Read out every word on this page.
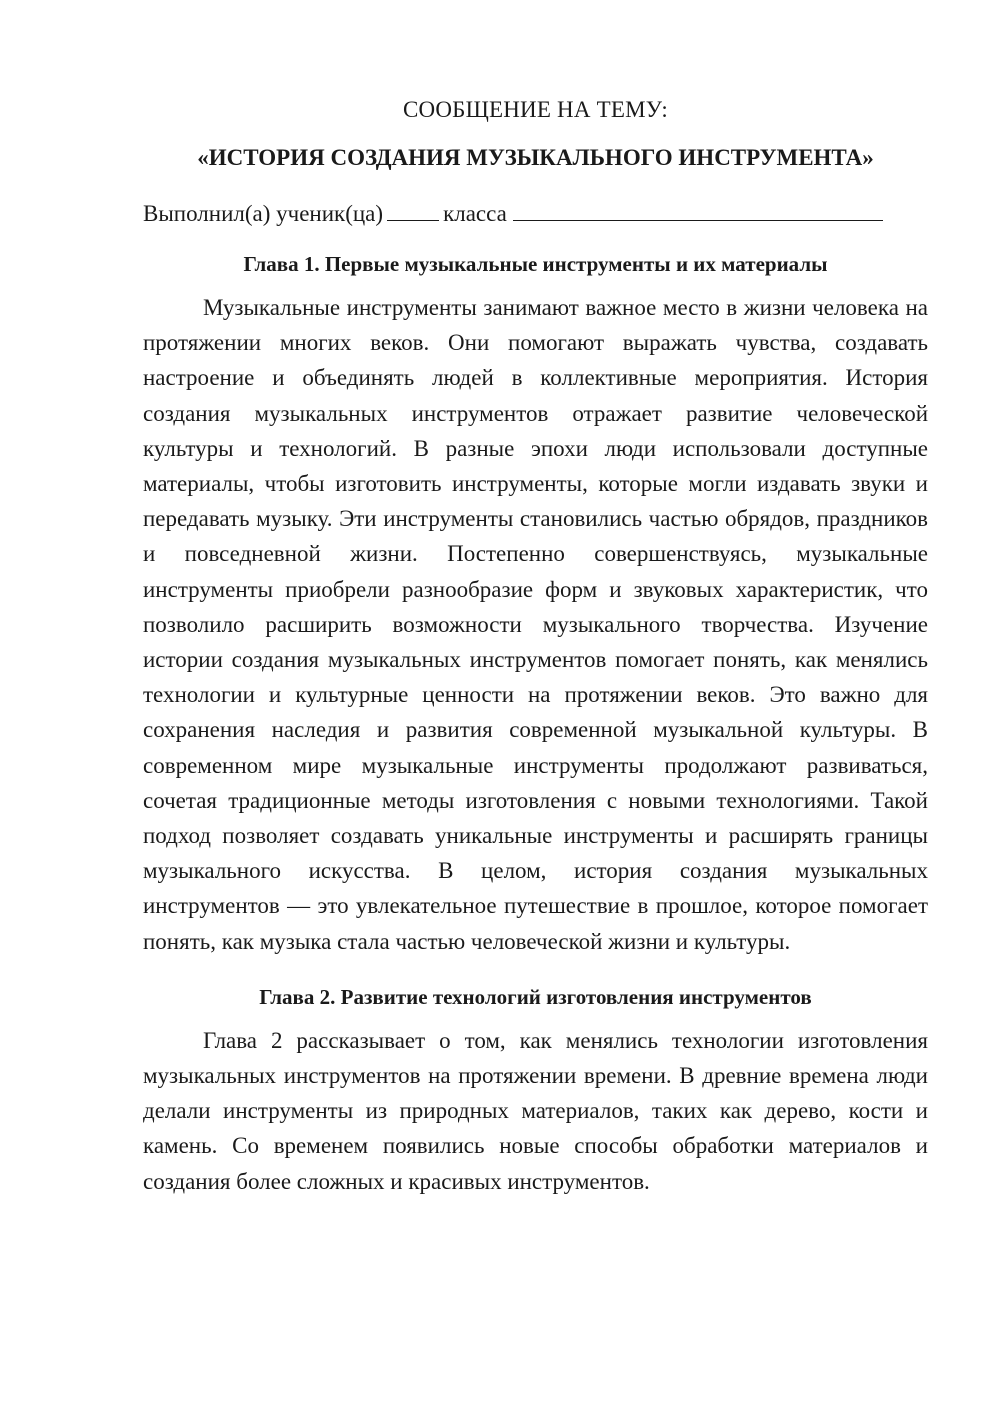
СООБЩЕНИЕ НА ТЕМУ:

«ИСТОРИЯ СОЗДАНИЯ МУЗЫКАЛЬНОГО ИНСТРУМЕНТА»

Выполнил(а) ученик(ца)	класса

Глава 1. Первые музыкальные инструменты и их материалы

Музыкальные инструменты занимают важное место в жизни человека на протяжении многих веков. Они помогают выражать чувства, создавать настроение и объединять людей в коллективные мероприятия. История создания музыкальных инструментов отражает развитие человеческой культуры и технологий. В разные эпохи люди использовали доступные материалы, чтобы изготовить инструменты, которые могли издавать звуки и передавать музыку. Эти инструменты становились частью обрядов, праздников и повседневной жизни. Постепенно совершенствуясь, музыкальные инструменты приобрели разнообразие форм и звуковых характеристик, что позволило расширить возможности музыкального творчества. Изучение истории создания музыкальных инструментов помогает понять, как менялись технологии и культурные ценности на протяжении веков. Это важно для сохранения наследия и развития современной музыкальной культуры. В современном мире музыкальные инструменты продолжают развиваться, сочетая традиционные методы изготовления с новыми технологиями. Такой подход позволяет создавать уникальные инструменты и расширять границы музыкального искусства. В целом, история создания музыкальных инструментов — это увлекательное путешествие в прошлое, которое помогает понять, как музыка стала частью человеческой жизни и культуры.

Глава 2. Развитие технологий изготовления инструментов

Глава 2 рассказывает о том, как менялись технологии изготовления музыкальных инструментов на протяжении времени. В древние времена люди делали инструменты из природных материалов, таких как дерево, кости и камень. Со временем появились новые способы обработки материалов и создания более сложных и красивых инструментов.
